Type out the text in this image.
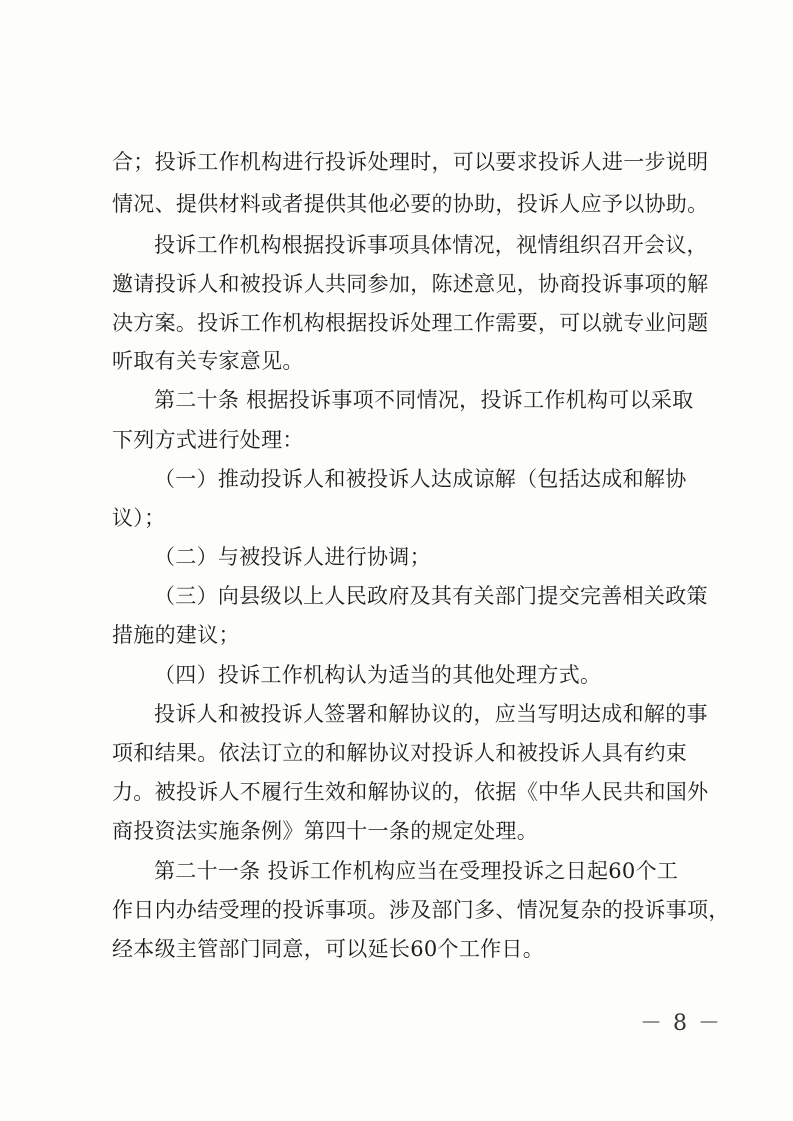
合；投诉工作机构进行投诉处理时，可以要求投诉人进一步说明
情况、提供材料或者提供其他必要的协助，投诉人应予以协助。
投诉工作机构根据投诉事项具体情况，视情组织召开会议，
邀请投诉人和被投诉人共同参加，陈述意见，协商投诉事项的解
决方案。投诉工作机构根据投诉处理工作需要，可以就专业问题
听取有关专家意见。
第二十条 根据投诉事项不同情况，投诉工作机构可以采取
下列方式进行处理：
（一）推动投诉人和被投诉人达成谅解（包括达成和解协
议）；
（二）与被投诉人进行协调；
（三）向县级以上人民政府及其有关部门提交完善相关政策
措施的建议；
（四）投诉工作机构认为适当的其他处理方式。
投诉人和被投诉人签署和解协议的，应当写明达成和解的事
项和结果。依法订立的和解协议对投诉人和被投诉人具有约束
力。被投诉人不履行生效和解协议的，依据《中华人民共和国外
商投资法实施条例》第四十一条的规定处理。
第二十一条 投诉工作机构应当在受理投诉之日起60个工
作日内办结受理的投诉事项。涉及部门多、情况复杂的投诉事项，
经本级主管部门同意，可以延长60个工作日。
－ 8 －
